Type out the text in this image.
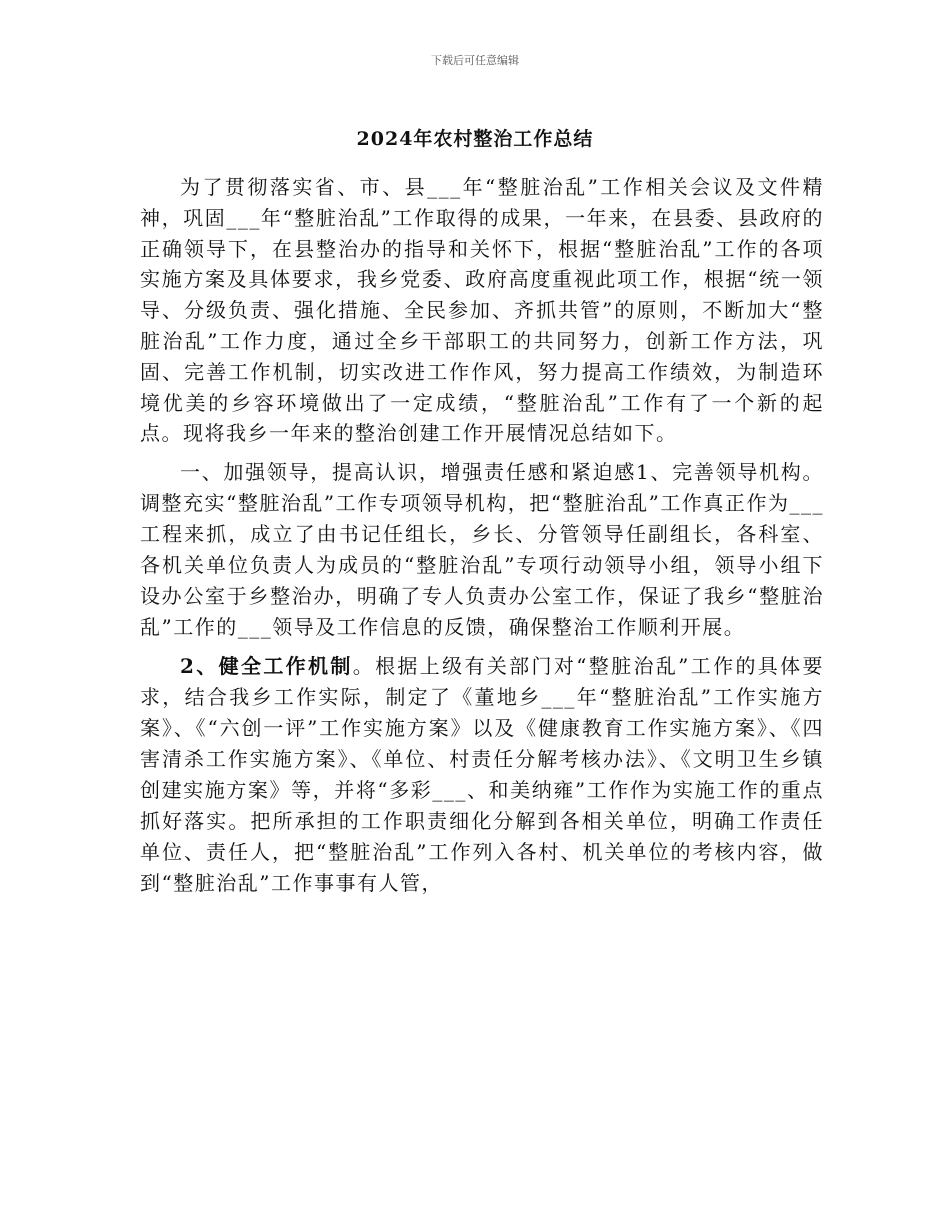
下载后可任意编辑
2024年农村整治工作总结

为了贯彻落实省、市、县___年“整脏治乱”工作相关会议及文件精神，巩固___年“整脏治乱”工作取得的成果，一年来，在县委、县政府的正确领导下，在县整治办的指导和关怀下，根据“整脏治乱”工作的各项实施方案及具体要求，我乡党委、政府高度重视此项工作，根据“统一领导、分级负责、强化措施、全民参加、齐抓共管”的原则，不断加大“整脏治乱”工作力度，通过全乡干部职工的共同努力，创新工作方法，巩固、完善工作机制，切实改进工作作风，努力提高工作绩效，为制造环境优美的乡容环境做出了一定成绩，“整脏治乱”工作有了一个新的起点。现将我乡一年来的整治创建工作开展情况总结如下。

一、加强领导，提高认识，增强责任感和紧迫感1、完善领导机构。调整充实“整脏治乱”工作专项领导机构，把“整脏治乱”工作真正作为___工程来抓，成立了由书记任组长，乡长、分管领导任副组长，各科室、各机关单位负责人为成员的“整脏治乱”专项行动领导小组，领导小组下设办公室于乡整治办，明确了专人负责办公室工作，保证了我乡“整脏治乱”工作的___领导及工作信息的反馈，确保整治工作顺利开展。

2、健全工作机制。根据上级有关部门对“整脏治乱”工作的具体要求，结合我乡工作实际，制定了《董地乡___年“整脏治乱”工作实施方案》、《“六创一评”工作实施方案》以及《健康教育工作实施方案》、《四害清杀工作实施方案》、《单位、村责任分解考核办法》、《文明卫生乡镇创建实施方案》等，并将“多彩___、和美纳雍”工作作为实施工作的重点抓好落实。把所承担的工作职责细化分解到各相关单位，明确工作责任单位、责任人，把“整脏治乱”工作列入各村、机关单位的考核内容，做到“整脏治乱”工作事事有人管，
